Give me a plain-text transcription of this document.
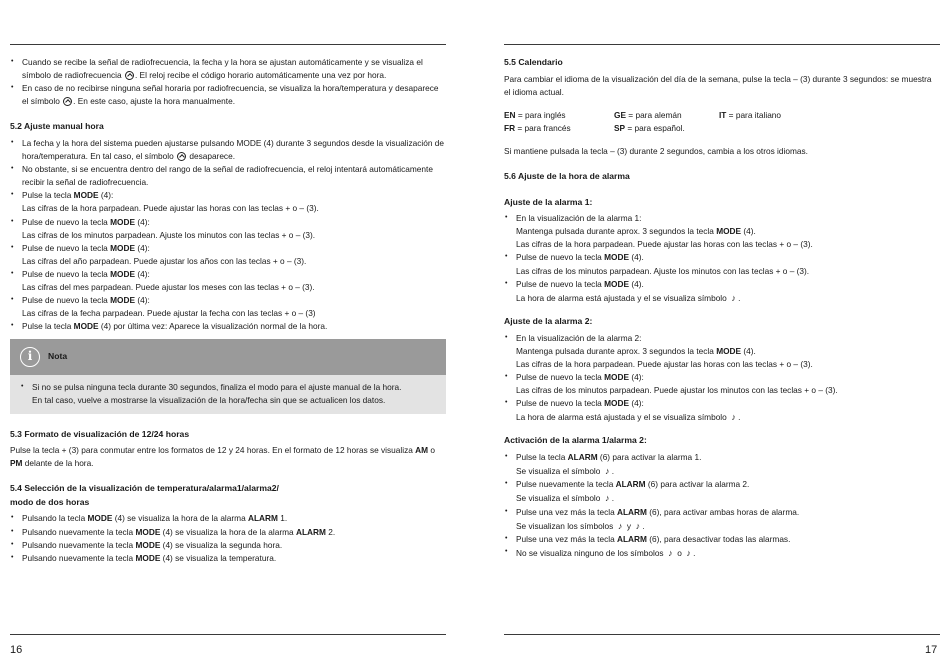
• Cuando se recibe la señal de radiofrecuencia, la fecha y la hora se ajustan automáticamente y se visualiza el símbolo de radiofrecuencia . El reloj recibe el código horario automáticamente una vez por hora.
• En caso de no recibirse ninguna señal horaria por radiofrecuencia, se visualiza la hora/temperatura y desaparece el símbolo . En este caso, ajuste la hora manualmente.

5.2 Ajuste manual hora

• La fecha y la hora del sistema pueden ajustarse pulsando MODE (4) durante 3 segundos desde la visualización de hora/temperatura. En tal caso, el símbolo  desaparece.
• No obstante, si se encuentra dentro del rango de la señal de radiofrecuencia, el reloj intentará automáticamente recibir la señal de radiofrecuencia.
• Pulse la tecla MODE (4):
Las cifras de la hora parpadean. Puede ajustar las horas con las teclas + o – (3).
• Pulse de nuevo la tecla MODE (4):
Las cifras de los minutos parpadean. Ajuste los minutos con las teclas + o – (3).
• Pulse de nuevo la tecla MODE (4):
Las cifras del año parpadean. Puede ajustar los años con las teclas + o – (3).
• Pulse de nuevo la tecla MODE (4):
Las cifras del mes parpadean. Puede ajustar los meses con las teclas + o – (3).
• Pulse de nuevo la tecla MODE (4):
Las cifras de la fecha parpadean. Puede ajustar la fecha con las teclas + o – (3)
• Pulse la tecla MODE (4) por última vez: Aparece la visualización normal de la hora.
i	Nota
• Si no se pulsa ninguna tecla durante 30 segundos, finaliza el modo para el ajuste manual de la hora.

En tal caso, vuelve a mostrarse la visualización de la hora/fecha sin que se actualicen los datos.

5.3 Formato de visualización de 12/24 horas

Pulse la tecla + (3) para conmutar entre los formatos de 12 y 24 horas. En el formato de 12 horas se visualiza AM o PM delante de la hora.

5.4 Selección de la visualización de temperatura/alarma1/alarma2/

modo de dos horas

• Pulsando la tecla MODE (4) se visualiza la hora de la alarma ALARM 1.
• Pulsando nuevamente la tecla MODE (4) se visualiza la hora de la alarma ALARM 2.
• Pulsando nuevamente la tecla MODE (4) se visualiza la segunda hora.
• Pulsando nuevamente la tecla MODE (4) se visualiza la temperatura.

5.5 Calendario

Para cambiar el idioma de la visualización del día de la semana, pulse la tecla – (3) durante 3 segundos: se muestra el idioma actual.

EN = para inglés	GE = para alemán	IT = para italiano
FR = para francés	SP = para español.

Si mantiene pulsada la tecla – (3) durante 2 segundos, cambia a los otros idiomas.

5.6 Ajuste de la hora de alarma

Ajuste de la alarma 1:

• En la visualización de la alarma 1:
Mantenga pulsada durante aprox. 3 segundos la tecla MODE (4).
Las cifras de la hora parpadean. Puede ajustar las horas con las teclas + o – (3).
• Pulse de nuevo la tecla MODE (4).
Las cifras de los minutos parpadean. Ajuste los minutos con las teclas + o – (3).
• Pulse de nuevo la tecla MODE (4).
La hora de alarma está ajustada y el se visualiza símbolo ♪ .

Ajuste de la alarma 2:

• En la visualización de la alarma 2:
Mantenga pulsada durante aprox. 3 segundos la tecla MODE (4).
Las cifras de la hora parpadean. Puede ajustar las horas con las teclas + o – (3).
• Pulse de nuevo la tecla MODE (4):
Las cifras de los minutos parpadean. Puede ajustar los minutos con las teclas + o – (3).
• Pulse de nuevo la tecla MODE (4):
La hora de alarma está ajustada y el se visualiza símbolo ♪ .

Activación de la alarma 1/alarma 2:

• Pulse la tecla ALARM (6) para activar la alarma 1.
Se visualiza el símbolo ♪ .
• Pulse nuevamente la tecla ALARM (6) para activar la alarma 2.
Se visualiza el símbolo ♪ .
• Pulse una vez más la tecla ALARM (6), para activar ambas horas de alarma.
Se visualizan los símbolos ♪ y ♪ .
• Pulse una vez más la tecla ALARM (6), para desactivar todas las alarmas.
• No se visualiza ninguno de los símbolos ♪ o ♪ .
16	17
